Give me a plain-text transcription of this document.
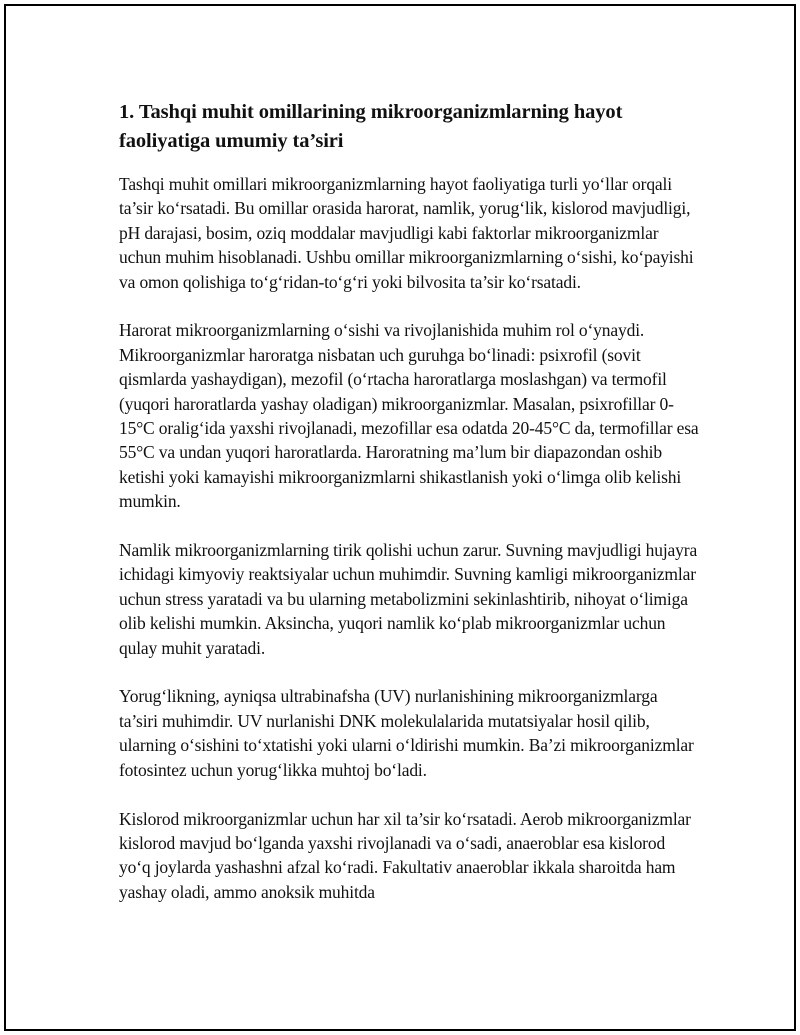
1. Tashqi muhit omillarining mikroorganizmlarning hayot faoliyatiga umumiy ta’siri

Tashqi muhit omillari mikroorganizmlarning hayot faoliyatiga turli yo‘llar orqali ta’sir ko‘rsatadi. Bu omillar orasida harorat, namlik, yorug‘lik, kislorod mavjudligi, pH darajasi, bosim, oziq moddalar mavjudligi kabi faktorlar mikroorganizmlar uchun muhim hisoblanadi. Ushbu omillar mikroorganizmlarning o‘sishi, ko‘payishi va omon qolishiga to‘g‘ridan-to‘g‘ri yoki bilvosita ta’sir ko‘rsatadi.

Harorat mikroorganizmlarning o‘sishi va rivojlanishida muhim rol o‘ynaydi. Mikroorganizmlar haroratga nisbatan uch guruhga bo‘linadi: psixrofil (sovit qismlarda yashaydigan), mezofil (o‘rtacha haroratlarga moslashgan) va termofil (yuqori haroratlarda yashay oladigan) mikroorganizmlar. Masalan, psixrofillar 0-15°C oralig‘ida yaxshi rivojlanadi, mezofillar esa odatda 20-45°C da, termofillar esa 55°C va undan yuqori haroratlarda. Haroratning ma’lum bir diapazondan oshib ketishi yoki kamayishi mikroorganizmlarni shikastlanish yoki o‘limga olib kelishi mumkin.

Namlik mikroorganizmlarning tirik qolishi uchun zarur. Suvning mavjudligi hujayra ichidagi kimyoviy reaktsiyalar uchun muhimdir. Suvning kamligi mikroorganizmlar uchun stress yaratadi va bu ularning metabolizmini sekinlashtirib, nihoyat o‘limiga olib kelishi mumkin. Aksincha, yuqori namlik ko‘plab mikroorganizmlar uchun qulay muhit yaratadi.

Yorug‘likning, ayniqsa ultrabinafsha (UV) nurlanishining mikroorganizmlarga ta’siri muhimdir. UV nurlanishi DNK molekulalarida mutatsiyalar hosil qilib, ularning o‘sishini to‘xtatishi yoki ularni o‘ldirishi mumkin. Ba’zi mikroorganizmlar fotosintez uchun yorug‘likka muhtoj bo‘ladi.

Kislorod mikroorganizmlar uchun har xil ta’sir ko‘rsatadi. Aerob mikroorganizmlar kislorod mavjud bo‘lganda yaxshi rivojlanadi va o‘sadi, anaeroblar esa kislorod yo‘q joylarda yashashni afzal ko‘radi. Fakultativ anaeroblar ikkala sharoitda ham yashay oladi, ammo anoksik muhitda
